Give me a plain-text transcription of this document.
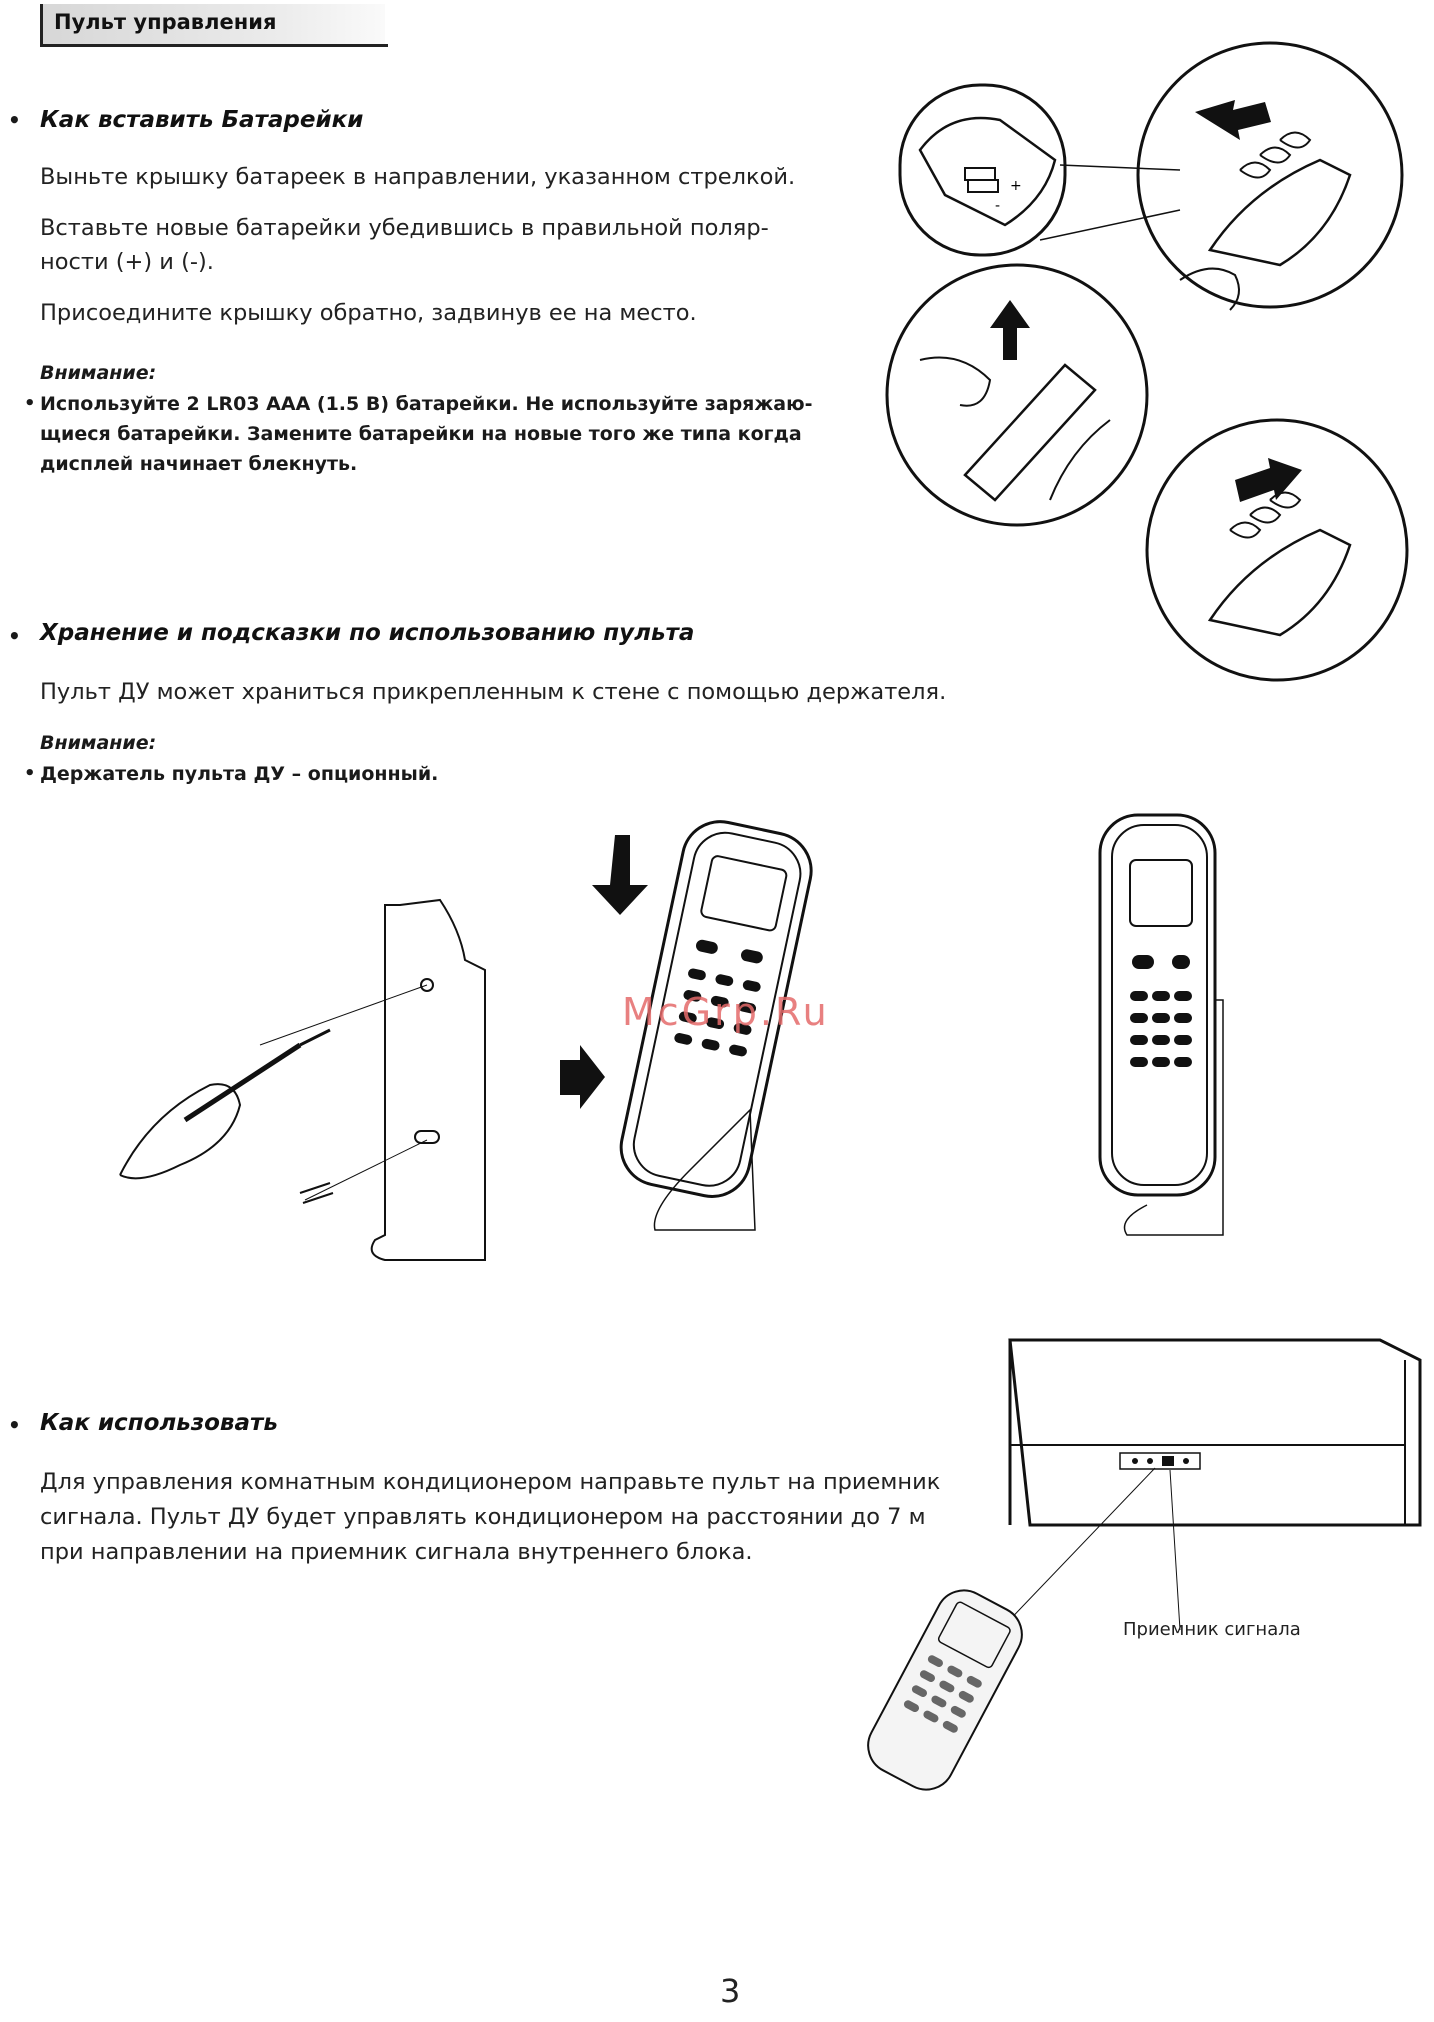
Пульт управления
• Как вставить Батарейки
Выньте крышку батареек в направлении, указанном стрелкой.
Вставьте новые батарейки убедившись в правильной поляр-
ности (+) и (-).
Присоедините крышку обратно, задвинув ее на место.
Внимание:
• Используйте 2 LR03 AAA (1.5 В) батарейки. Не используйте заряжаю-
щиеся батарейки. Замените батарейки на новые того же типа когда
дисплей начинает блекнуть.
+
-
• Хранение и подсказки по использованию пульта
Пульт ДУ может храниться прикрепленным к стене с помощью держателя.
Внимание:
• Держатель пульта ДУ – опционный.
McGrp.Ru
• Как использовать
Для управления комнатным кондиционером направьте пульт на приемник
сигнала. Пульт ДУ будет управлять кондиционером на расстоянии до 7 м
при направлении на приемник сигнала внутреннего блока.
Приемник сигнала
3
